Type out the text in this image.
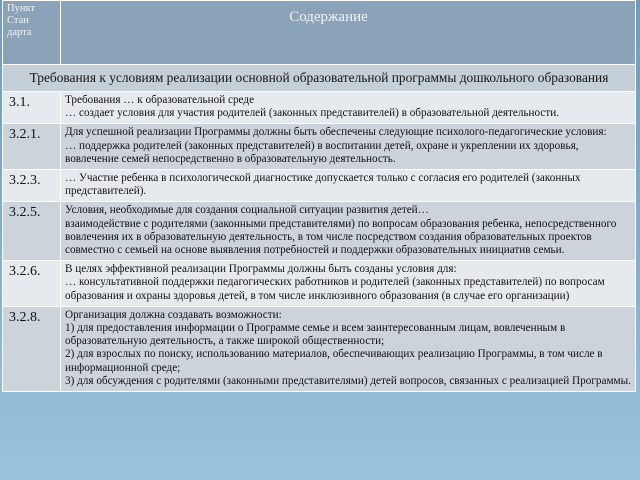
Пункт
Стан
дарта	Содержание
Требования к условиям реализации основной образовательной программы дошкольного образования	
3.1.	Требования … к образовательной среде
… создает условия для участия родителей (законных представителей) в образовательной деятельности.

3.2.1.	Для успешной реализации Программы должны быть обеспечены следующие психолого-педагогические условия:
… поддержка родителей (законных представителей) в воспитании детей, охране и укреплении их здоровья, вовлечение семей непосредственно в образовательную деятельность.

3.2.3.	… Участие ребенка в психологической диагностике допускается только с согласия его родителей (законных представителей).

3.2.5.	Условия, необходимые для создания социальной ситуации развития детей…
взаимодействие с родителями (законными представителями) по вопросам образования ребенка, непосредственного вовлечения их в образовательную деятельность, в том числе посредством создания образовательных проектов совместно с семьей на основе выявления потребностей и поддержки образовательных инициатив семьи.

3.2.6.	В целях эффективной реализации Программы должны быть созданы условия для:
… консультативной поддержки педагогических работников и родителей (законных представителей) по вопросам образования и охраны здоровья детей, в том числе инклюзивного образования (в случае его организации)

3.2.8.	Организация должна создавать возможности:
1) для предоставления информации о Программе семье и всем заинтересованным лицам, вовлеченным в образовательную деятельность, а также широкой общественности;
2) для взрослых по поиску, использованию материалов, обеспечивающих реализацию Программы, в том числе в информационной среде;
3) для обсуждения с родителями (законными представителями) детей вопросов, связанных с реализацией Программы.
